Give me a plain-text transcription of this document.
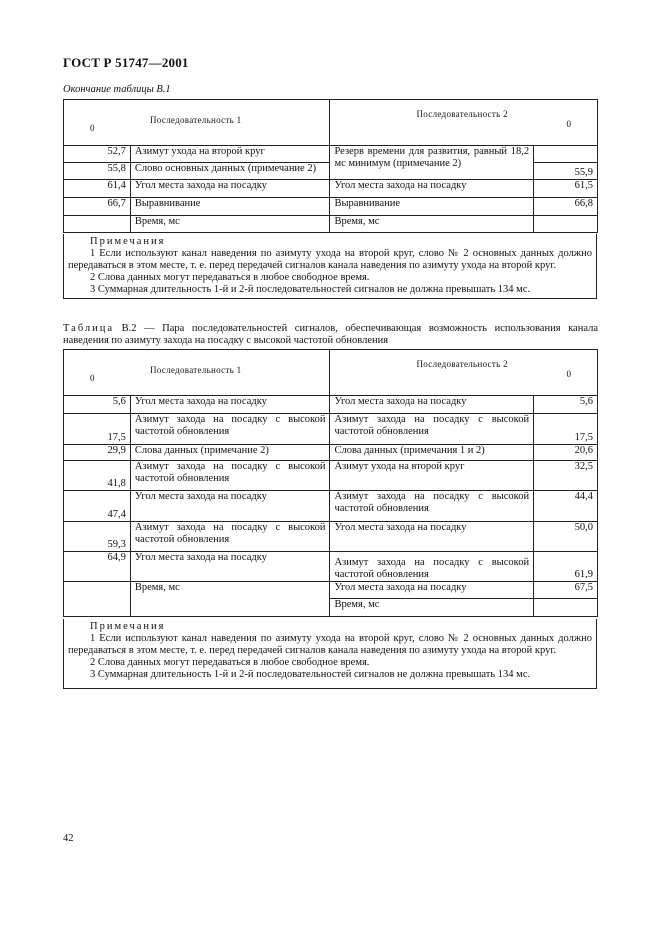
ГОСТ Р 51747—2001
Окончание таблицы В.1
Последовательность 1
0		Последовательность 2
0	

52,7	Азимут ухода на второй круг	Резерв времени для развития, равный 18,2 мс минимум (примечание 2)	
55,8	Слово основных данных (примечание 2)		55,9
61,4	Угол места захода на посадку	Угол места захода на посадку	61,5
66,7	Выравнивание	Выравнивание	66,8
	Время, мс	Время, мс	

Примечания

1 Если используют канал наведения по азимуту ухода на второй круг, слово № 2 основных данных должно передаваться в этом месте, т. е. перед передачей сигналов канала наведения по азимуту ухода на второй круг.

2 Слова данных могут передаваться в любое свободное время.

3 Суммарная длительность 1-й и 2-й последовательностей сигналов не должна превышать 134 мс.

Таблица В.2 — Пара последовательностей сигналов, обеспечивающая возможность использования канала наведения по азимуту захода на посадку с высокой частотой обновления
Последовательность 1
0		Последовательность 2
0	

5,6	Угол места захода на посадку	Угол места захода на посадку	5,6
17,5	Азимут захода на посадку с высокой частотой обновления	Азимут захода на посадку с высокой частотой обновления	17,5
29,9	Слова данных (примечание 2)	Слова данных (примечания 1 и 2)	20,6
41,8	Азимут захода на посадку с высокой частотой обновления	Азимут ухода на второй круг	32,5
47,4	Угол места захода на посадку	Азимут захода на посадку с высокой частотой обновления	44,4
59,3	Азимут захода на посадку с высокой частотой обновления	Угол места захода на посадку	50,0
64,9	Угол места захода на посадку	Азимут захода на посадку с высокой частотой обновления	61,9
	Время, мс	Угол места захода на посадку	67,5
		Время, мс	

Примечания

1 Если используют канал наведения по азимуту ухода на второй круг, слово № 2 основных данных должно передаваться в этом месте, т. е. перед передачей сигналов канала наведения по азимуту ухода на второй круг.

2 Слова данных могут передаваться в любое свободное время.

3 Суммарная длительность 1-й и 2-й последовательностей сигналов не должна превышать 134 мс.

42
